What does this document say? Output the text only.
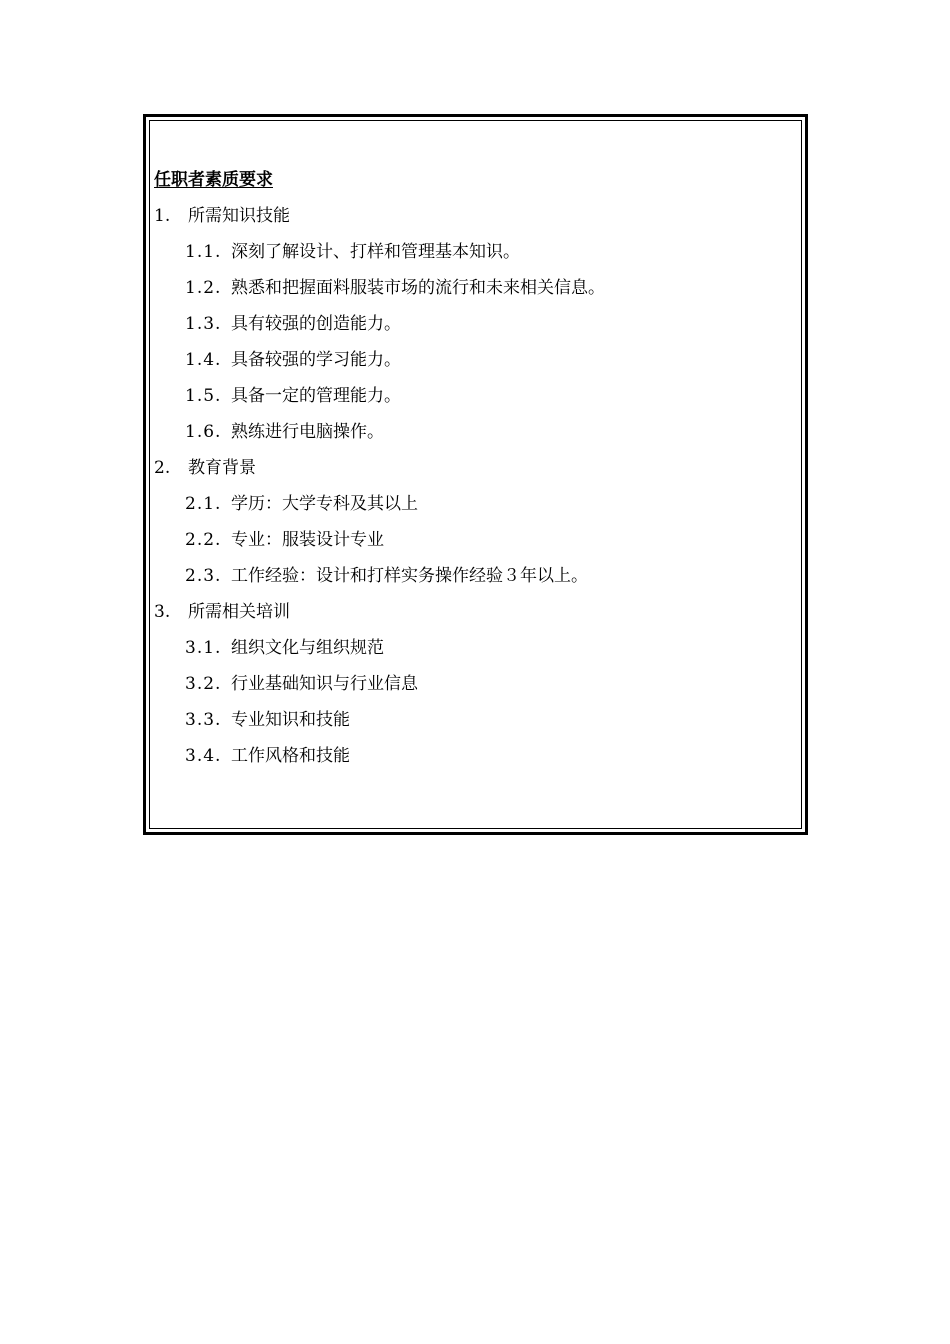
任职者素质要求
1. 所需知识技能
1.1. 深刻了解设计、打样和管理基本知识。
1.2. 熟悉和把握面料服装市场的流行和未来相关信息。
1.3. 具有较强的创造能力。
1.4. 具备较强的学习能力。
1.5. 具备一定的管理能力。
1.6. 熟练进行电脑操作。
2. 教育背景
2.1. 学历：大学专科及其以上
2.2. 专业：服装设计专业
2.3. 工作经验：设计和打样实务操作经验３年以上。
3. 所需相关培训
3.1. 组织文化与组织规范
3.2. 行业基础知识与行业信息
3.3. 专业知识和技能
3.4. 工作风格和技能
